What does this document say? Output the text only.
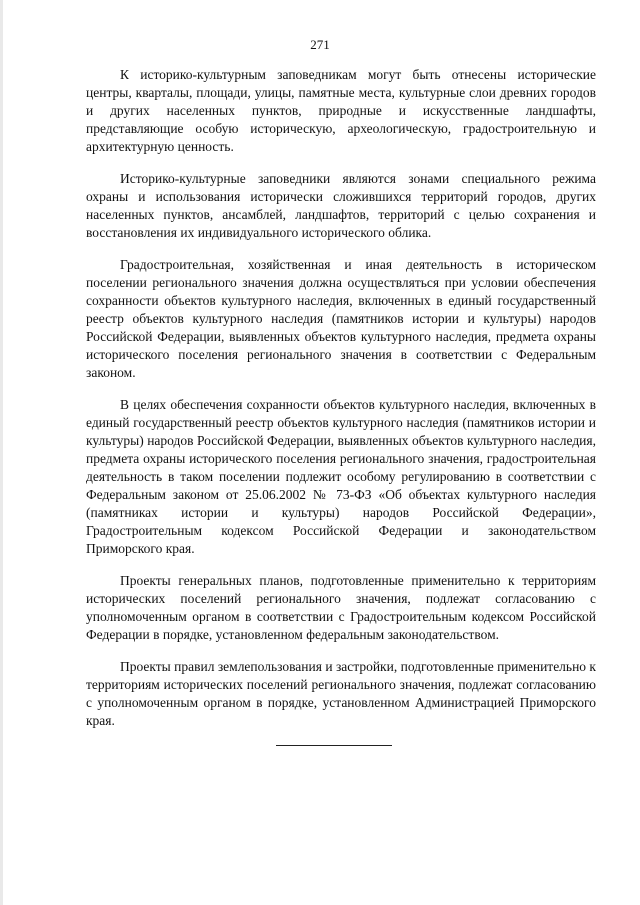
271

К историко-культурным заповедникам могут быть отнесены исторические центры, кварталы, площади, улицы, памятные места, культурные слои древних городов и других населенных пунктов, природные и искусственные ландшафты, представляющие особую историческую, археологическую, градостроительную и архитектурную ценность.

Историко-культурные заповедники являются зонами специального режима охраны и использования исторически сложившихся территорий городов, других населенных пунктов, ансамблей, ландшафтов, территорий с целью сохранения и восстановления их индивидуального исторического облика.

Градостроительная, хозяйственная и иная деятельность в историческом поселении регионального значения должна осуществляться при условии обеспечения сохранности объектов культурного наследия, включенных в единый государственный реестр объектов культурного наследия (памятников истории и культуры) народов Российской Федерации, выявленных объектов культурного наследия, предмета охраны исторического поселения регионального значения в соответствии с Федеральным законом.

В целях обеспечения сохранности объектов культурного наследия, включенных в единый государственный реестр объектов культурного наследия (памятников истории и культуры) народов Российской Федерации, выявленных объектов культурного наследия, предмета охраны исторического поселения регионального значения, градостроительная деятельность в таком поселении подлежит особому регулированию в соответствии с Федеральным законом от 25.06.2002 № 73-ФЗ «Об объектах культурного наследия (памятниках истории и культуры) народов Российской Федерации», Градостроительным кодексом Российской Федерации и законодательством Приморского края.

Проекты генеральных планов, подготовленные применительно к территориям исторических поселений регионального значения, подлежат согласованию с уполномоченным органом в соответствии с Градостроительным кодексом Российской Федерации в порядке, установленном федеральным законодательством.

Проекты правил землепользования и застройки, подготовленные применительно к территориям исторических поселений регионального значения, подлежат согласованию с уполномоченным органом в порядке, установленном Администрацией Приморского края.
